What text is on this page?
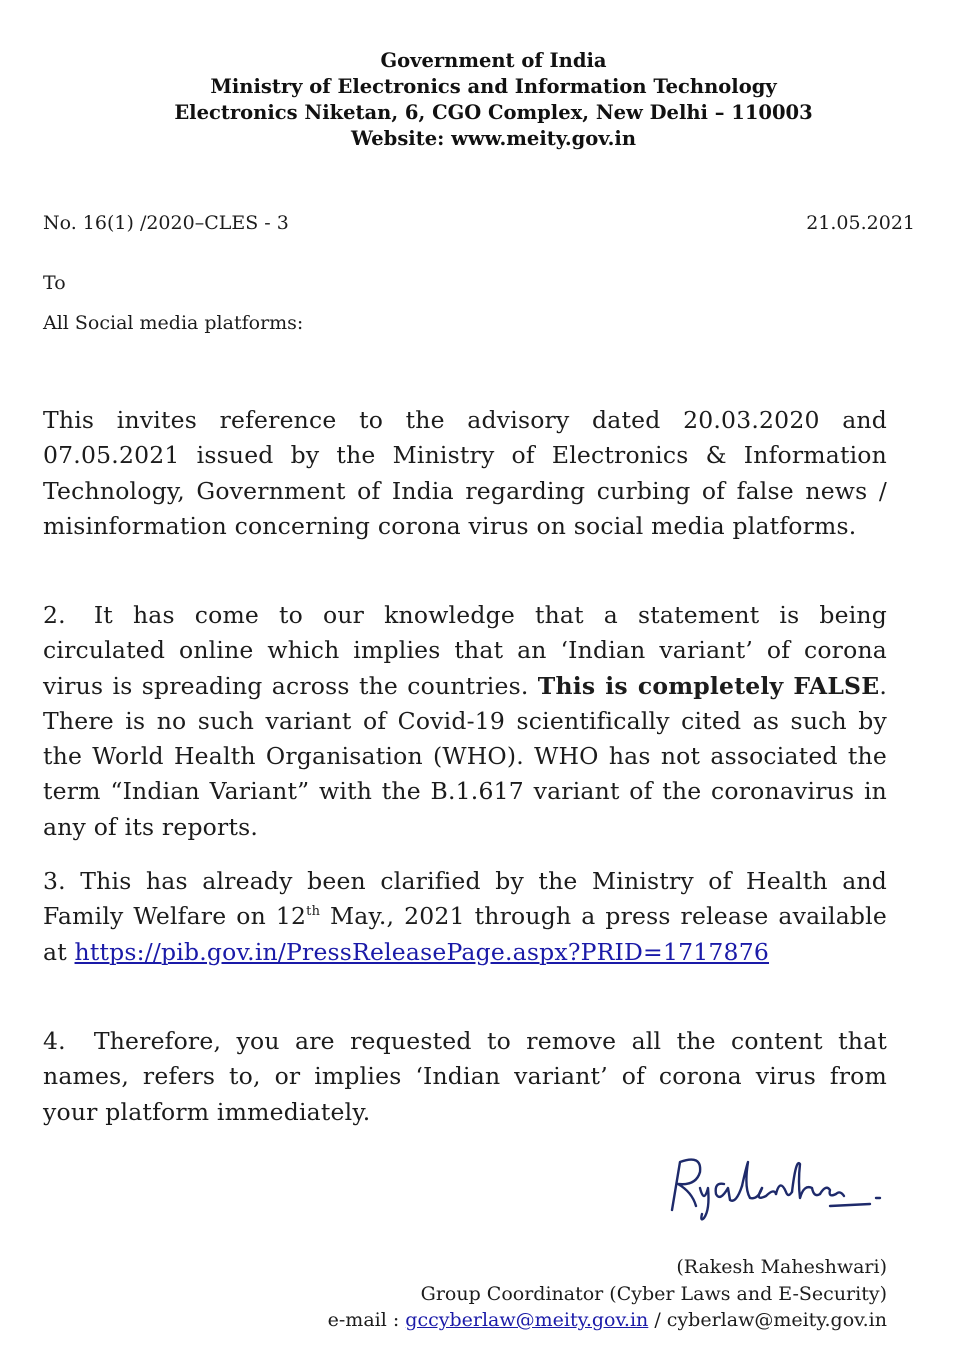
Government of India
Ministry of Electronics and Information Technology
Electronics Niketan, 6, CGO Complex, New Delhi – 110003
Website: www.meity.gov.in
No. 16(1) /2020–CLES - 3	21.05.2021
To
All Social media platforms:
This invites reference to the advisory dated 20.03.2020 and 07.05.2021 issued by the Ministry of Electronics & Information Technology, Government of India regarding curbing of false news / misinformation concerning corona virus on social media platforms.
2. It has come to our knowledge that a statement is being circulated online which implies that an ‘Indian variant’ of corona virus is spreading across the countries. This is completely FALSE. There is no such variant of Covid-19 scientifically cited as such by the World Health Organisation (WHO). WHO has not associated the term “Indian Variant” with the B.1.617 variant of the coronavirus in any of its reports.
3. This has already been clarified by the Ministry of Health and Family Welfare on 12th May., 2021 through a press release available at https://pib.gov.in/PressReleasePage.aspx?PRID=1717876
4. Therefore, you are requested to remove all the content that names, refers to, or implies ‘Indian variant’ of corona virus from your platform immediately.
(Rakesh Maheshwari)
Group Coordinator (Cyber Laws and E-Security)
e-mail : gccyberlaw@meity.gov.in / cyberlaw@meity.gov.in
